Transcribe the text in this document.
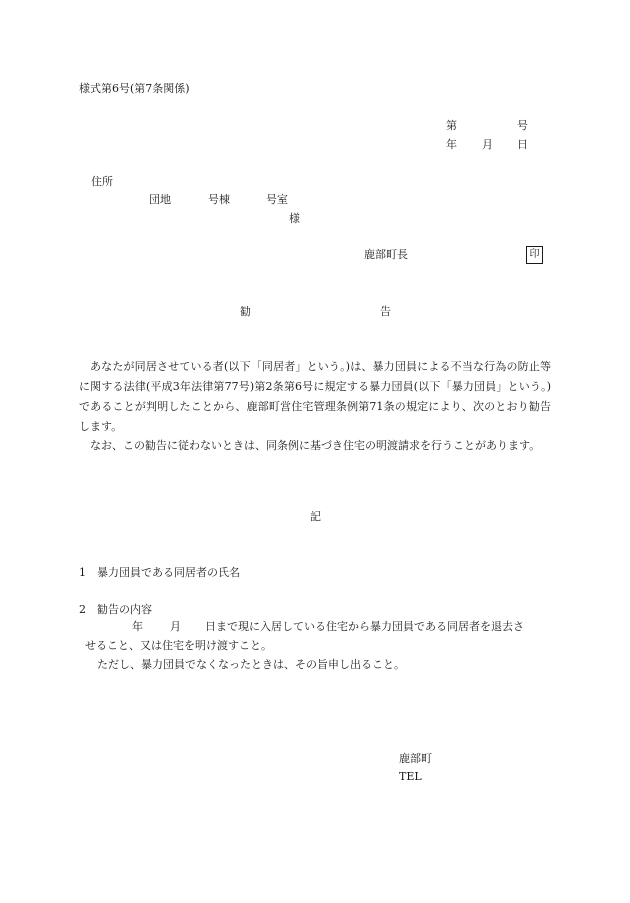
様式第6号(第7条関係)
第	号
年 月 日
住所
団地	号棟	号室
様
鹿部町長	印
勧	告
あなたが同居させている者(以下「同居者」という。)は、暴力団員による不当な行為の防止等に関する法律(平成3年法律第77号)第2条第6号に規定する暴力団員(以下「暴力団員」という。)であることが判明したことから、鹿部町営住宅管理条例第71条の規定により、次のとおり勧告します。
なお、この勧告に従わないときは、同条例に基づき住宅の明渡請求を行うことがあります。
記
1　暴力団員である同居者の氏名
2　勧告の内容
年 月 日まで現に入居している住宅から暴力団員である同居者を退去さ
せること、又は住宅を明け渡すこと。
ただし、暴力団員でなくなったときは、その旨申し出ること。
鹿部町
TEL
